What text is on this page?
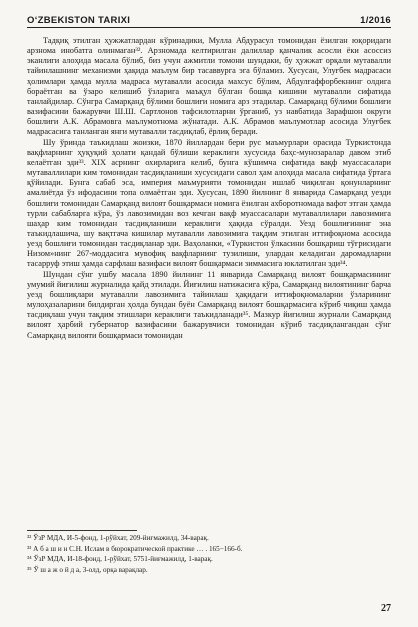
O‘ZBEKISTON TARIXI	1/2016

Тадқиқ этилган ҳужжатлардан кўринадики, Мулла Абдурасул томонидан ёзилган юқоридаги арзнома инобатга олинмаган³². Арзномада келтирилган далиллар қанчалик асосли ёки асоссиз эканлиги алоҳида масала бўлиб, биз учун ажмитли томони шундаки, бу ҳужжат орқали мутавалли тайинлашнинг механизми ҳақида маълум бир тасаввурга эга бўламиз. Хусусан, Улуғбек мадрасаси ҳолимлари ҳамда мулла мадраса мутавалли асосида махсус бўлим, Абдулғаффорбекнинг олдига бораётган ва ўзаро келишиб ўзларига маъқул бўлган бошқа кишини мутавалли сифатида танлайдилар. Сўнгра Самарқанд бўлими бошлиғи номига арз этадилар. Самарқанд бўлими бошлиғи вазифасини бажарувчи Ш.Ш. Сартлонов тафсилотларни ўрганиб, уз навбатида Зарафшон округи бошлиғи А.К. Абрамовга маълумотнома жўнатади. А.К. Абрамов маълумотлар асосида Улуғбек мадрасасига танланган янги мутавалли тасдиқлаб, ёрлиқ беради.

Шу ўринда таъкидлаш жоизки, 1870 йиллардан бери рус маъмурлари орасида Туркистонда вақфларнинг ҳуқуқий ҳолати қандай бўлиши кераклиги хусусида баҳс-мунозаралар давом этиб келаётган эди³³. XIX асрнинг охирларига келиб, бунга кўшимча сифатида вақф муассасалари мутаваллилари ким томонидан тасдиқланиши хусусидаги савол ҳам алоҳида масала сифатида ўртага қўйилади. Бунга сабаб эса, империя маъмурияти томонидан ишлаб чиқилган қонунларнинг амалиётда ўз ифодасини топа олмаётган эди. Хусусан, 1890 йилнинг 8 январида Самарқанд уезди бошлиғи томонидан Самарқанд вилоят бошқармаси номига ёзилган ахборотномада вафот этган ҳамда турли сабабларга кўра, ўз лавозимидан воз кечган вақф муассасалари мутаваллилари лавозимига шаҳар ким томонидан тасдиқланиши кераклиги ҳақида сўралди. Уезд бошлиғининг эна таъкидлашича, шу вақтгача кишилар мутавалли лавозимига тақдим этилган иттифоқнома асосида уезд бошлиғи томонидан тасдиқланар эди. Ваҳоланки, «Туркистон ўлкасини бошқариш тўғрисидаги Низом»нинг 267-моддасига мувофиқ вақфларнинг тузилиши, улардан келадиган даромадларни тасарруф этиш ҳамда сарфлаш вазифаси вилоят бошқармаси зиммасига юклатилган эди³⁴.

Шундан сўнг ушбу масала 1890 йилнинг 11 январида Самарқанд вилоят бошқармасининг умумий йиғилиш журналида қайд этилади. Йиғилиш натижасига кўра, Самарқанд вилоятининг барча уезд бошлиқлари мутавалли лавозимига тайинлаш ҳақидаги иттифоқномаларни ўзларининг мулоҳазаларини билдирган ҳолда бундан буён Самарқанд вилоят бошқармасига кўриб чиқиш ҳамда тасдиқлаш учун тақдим этишлари кераклиги таъкидланади³⁵. Мазкур йиғилиш журнали Самарқанд вилоят ҳарбий губернатор вазифасини бажарувчиси томонидан кўриб тасдиқлангандан сўнг Самарқанд вилояти бошқармаси томонидан

³² ЎзР МДА, И-5-фонд, 1-рўйхат, 209-йиғмажилд, 34-варақ.
³³ А б а ш и н С.Н. Ислам в бюрократической практике … . 165−166-б.
³⁴ ЎзР МДА, И-18-фонд, 1-рўйхат, 5751-йиғмажилд, 1-варақ.
³⁵ Ў ш а ж о й д а, 3-олд, орқа варақлар.
27
